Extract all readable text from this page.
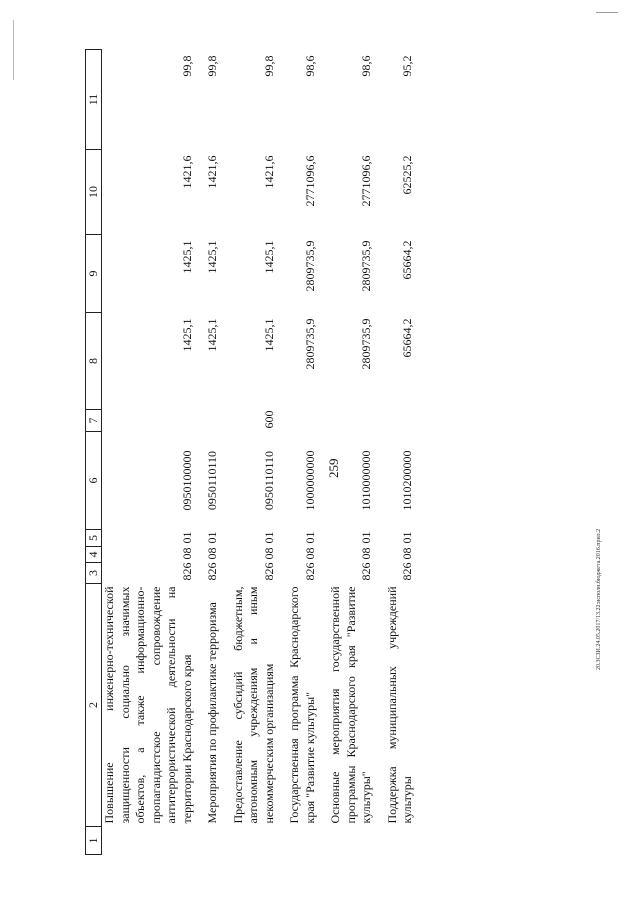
259
20.3СЗИ.24.05.2017/13.22:исполн.бюджета.2016.прил.2
1	2	3	4	5	6	7	8	9	10	11
	Повышение инженерно-технической защищенности социально значимых объектов, а также информационно-пропагандистское сопровождение антитеррористической деятельности на территории Краснодарского края	826	08	01	0950100000		1425,1	1425,1	1421,6	99,8
	Мероприятия по профилактике терроризма	826	08	01	0950110110		1425,1	1425,1	1421,6	99,8
	Предоставление субсидий бюджетным, автономным учреждениям и иным некоммерческим организациям	826	08	01	0950110110	600	1425,1	1425,1	1421,6	99,8
	Государственная программа Краснодарского края "Развитие культуры"	826	08	01	1000000000		2809735,9	2809735,9	2771096,6	98,6
	Основные мероприятия государственной программы Краснодарского края "Развитие культуры"	826	08	01	1010000000		2809735,9	2809735,9	2771096,6	98,6
	Поддержка муниципальных учреждений культуры	826	08	01	1010200000		65664,2	65664,2	62525,2	95,2
